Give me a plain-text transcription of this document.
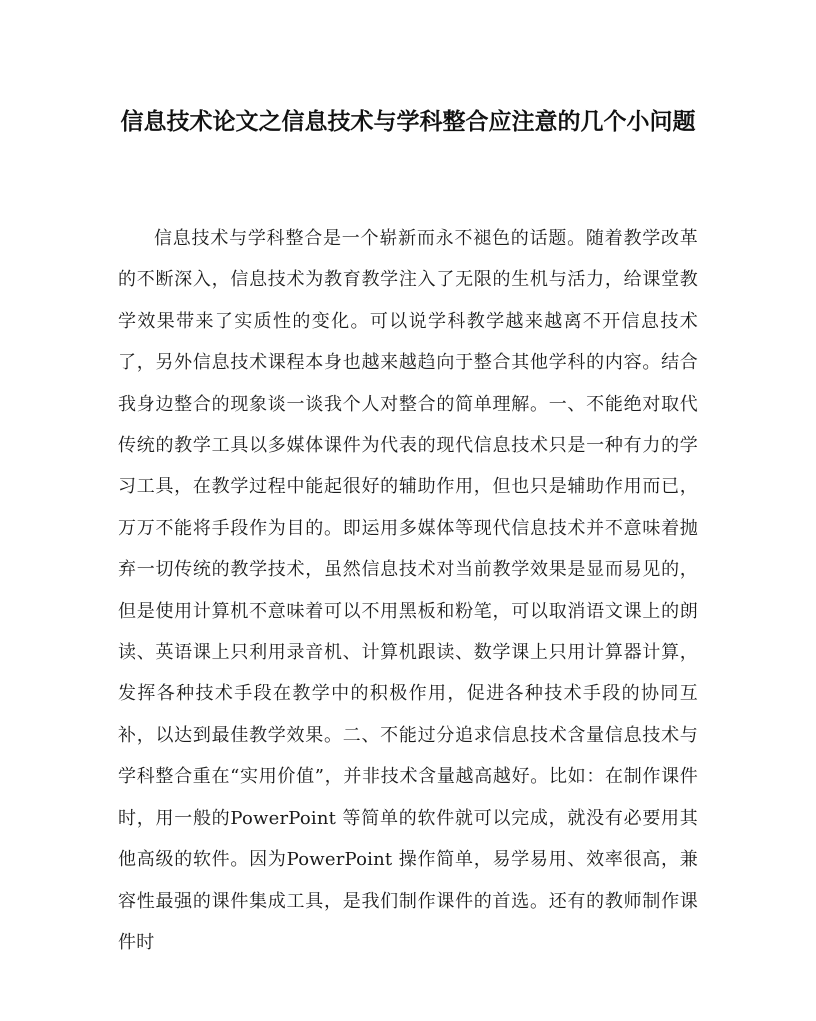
信息技术论文之信息技术与学科整合应注意的几个小问题

信息技术与学科整合是一个崭新而永不褪色的话题。随着教学改革的不断深入，信息技术为教育教学注入了无限的生机与活力，给课堂教学效果带来了实质性的变化。可以说学科教学越来越离不开信息技术了，另外信息技术课程本身也越来越趋向于整合其他学科的内容。结合我身边整合的现象谈一谈我个人对整合的简单理解。一、不能绝对取代传统的教学工具以多媒体课件为代表的现代信息技术只是一种有力的学习工具，在教学过程中能起很好的辅助作用，但也只是辅助作用而已，万万不能将手段作为目的。即运用多媒体等现代信息技术并不意味着抛弃一切传统的教学技术，虽然信息技术对当前教学效果是显而易见的，但是使用计算机不意味着可以不用黑板和粉笔，可以取消语文课上的朗读、英语课上只利用录音机、计算机跟读、数学课上只用计算器计算，发挥各种技术手段在教学中的积极作用，促进各种技术手段的协同互补，以达到最佳教学效果。二、不能过分追求信息技术含量信息技术与学科整合重在“实用价值”，并非技术含量越高越好。比如：在制作课件时，用一般的PowerPoint 等简单的软件就可以完成，就没有必要用其他高级的软件。因为PowerPoint 操作简单，易学易用、效率很高，兼容性最强的课件集成工具，是我们制作课件的首选。还有的教师制作课件时
